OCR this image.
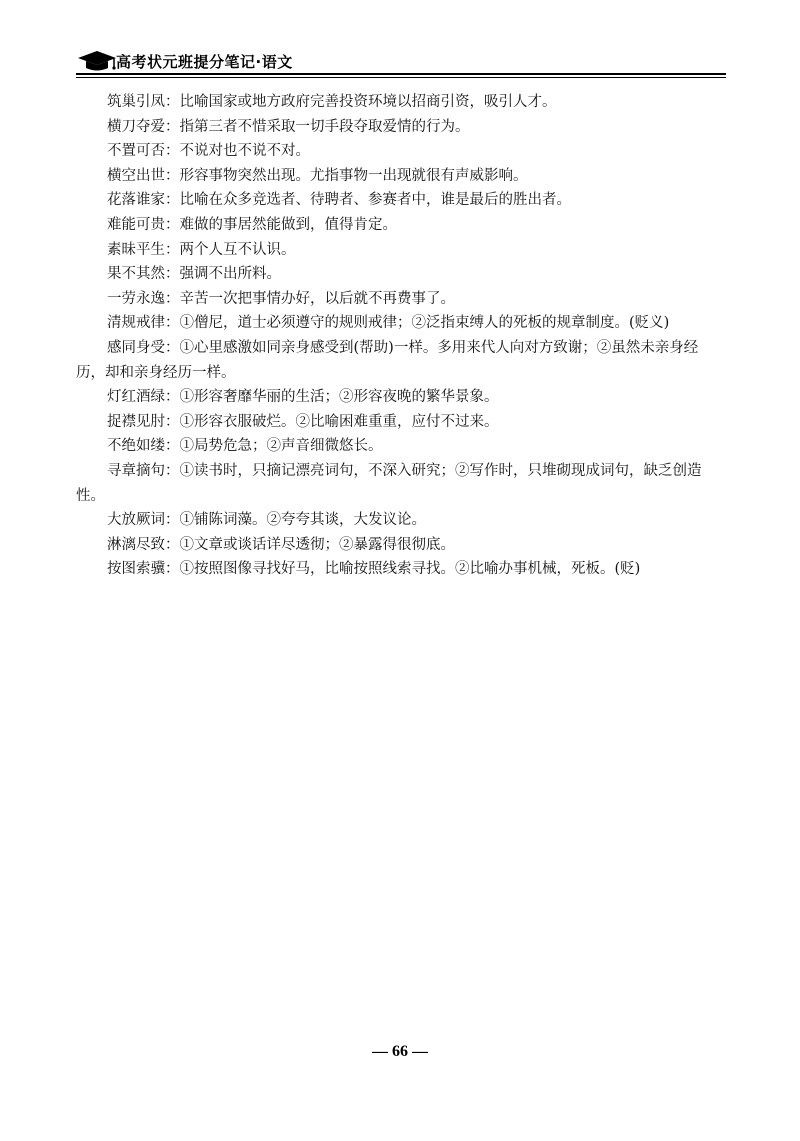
高考状元班提分笔记·语文

筑巢引凤：比喻国家或地方政府完善投资环境以招商引资，吸引人才。

横刀夺爱：指第三者不惜采取一切手段夺取爱情的行为。

不置可否：不说对也不说不对。

横空出世：形容事物突然出现。尤指事物一出现就很有声威影响。

花落谁家：比喻在众多竞选者、待聘者、参赛者中，谁是最后的胜出者。

难能可贵：难做的事居然能做到，值得肯定。

素昧平生：两个人互不认识。

果不其然：强调不出所料。

一劳永逸：辛苦一次把事情办好，以后就不再费事了。

清规戒律：①僧尼，道士必须遵守的规则戒律；②泛指束缚人的死板的规章制度。(贬义)

感同身受：①心里感激如同亲身感受到(帮助)一样。多用来代人向对方致谢；②虽然未亲身经历，却和亲身经历一样。

灯红酒绿：①形容奢靡华丽的生活；②形容夜晚的繁华景象。

捉襟见肘：①形容衣服破烂。②比喻困难重重，应付不过来。

不绝如缕：①局势危急；②声音细微悠长。

寻章摘句：①读书时，只摘记漂亮词句，不深入研究；②写作时，只堆砌现成词句，缺乏创造性。

大放厥词：①铺陈词藻。②夸夸其谈，大发议论。

淋漓尽致：①文章或谈话详尽透彻；②暴露得很彻底。

按图索骥：①按照图像寻找好马，比喻按照线索寻找。②比喻办事机械，死板。(贬)

— 66 —
